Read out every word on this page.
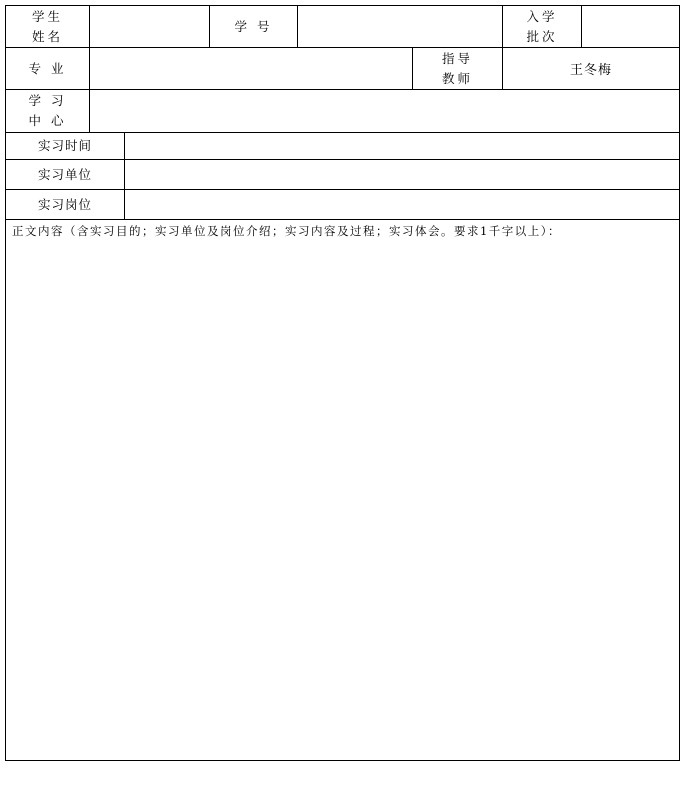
学生
姓名
学 号
入学
批次
专 业
指导
教师	王冬梅
学 习
中 心
实习时间
实习单位
实习岗位
正文内容（含实习目的；实习单位及岗位介绍；实习内容及过程；实习体会。要求1千字以上）：
